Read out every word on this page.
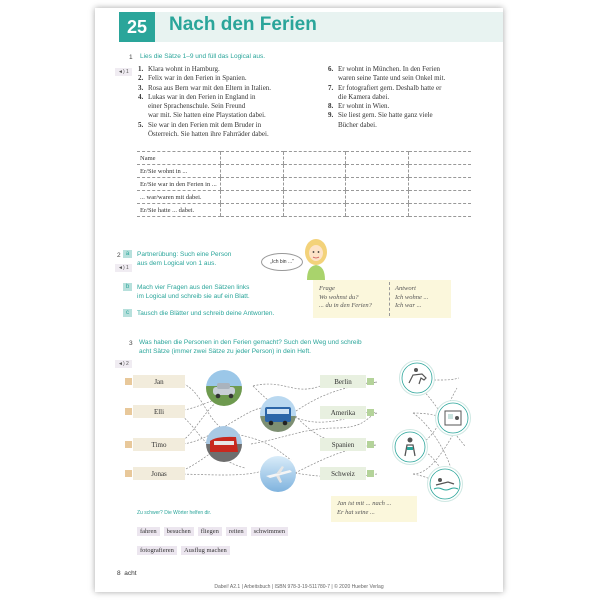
25	Nach den Ferien
1 Lies die Sätze 1–9 und füll das Logical aus.
◄) 1	1. Klara wohnt in Hamburg.
2. Felix war in den Ferien in Spanien.
3. Rosa aus Bern war mit den Eltern in Italien.
4. Lukas war in den Ferien in England in
einer Sprachenschule. Sein Freund
war mit. Sie hatten eine Playstation dabei.
5. Sie war in den Ferien mit dem Bruder in
Österreich. Sie hatten ihre Fahrräder dabei.
6. Er wohnt in München. In den Ferien
waren seine Tante und sein Onkel mit.
7. Er fotografiert gern. Deshalb hatte er
die Kamera dabei.
8. Er wohnt in Wien.
9. Sie liest gern. Sie hatte ganz viele
Bücher dabei.
Name				
Er/Sie wohnt in ...				
Er/Sie war in den Ferien in ...				
... war/waren mit dabei.				
Er/Sie hatte ... dabei.				
2 a
◄) 1
Partnerübung: Such eine Person
aus dem Logical von 1 aus.
b	Mach vier Fragen aus den Sätzen links
im Logical und schreib sie auf ein Blatt.
c	Tausch die Blätter und schreib deine Antworten.
„Ich bin ...“
Frage
Wo wohnst du?
... du in den Ferien?
Antwort
Ich wohne ...
Ich war ...
3 Was haben die Personen in den Ferien gemacht? Such den Weg und schreib
acht Sätze (immer zwei Sätze zu jeder Person) in dein Heft.
◄) 2
Jan
Elli
Timo
Jonas
Berlin
Amerika
Spanien
Schweiz
Jan ist mit ... nach ...
Er hat seine ...
Zu schwer? Die Wörter helfen dir.
fahren besuchen fliegen reiten schwimmen
fotografieren Ausflug machen
8 acht
Dabei! A2.1 | Arbeitsbuch | ISBN 978-3-19-511780-7 | © 2020 Hueber Verlag
